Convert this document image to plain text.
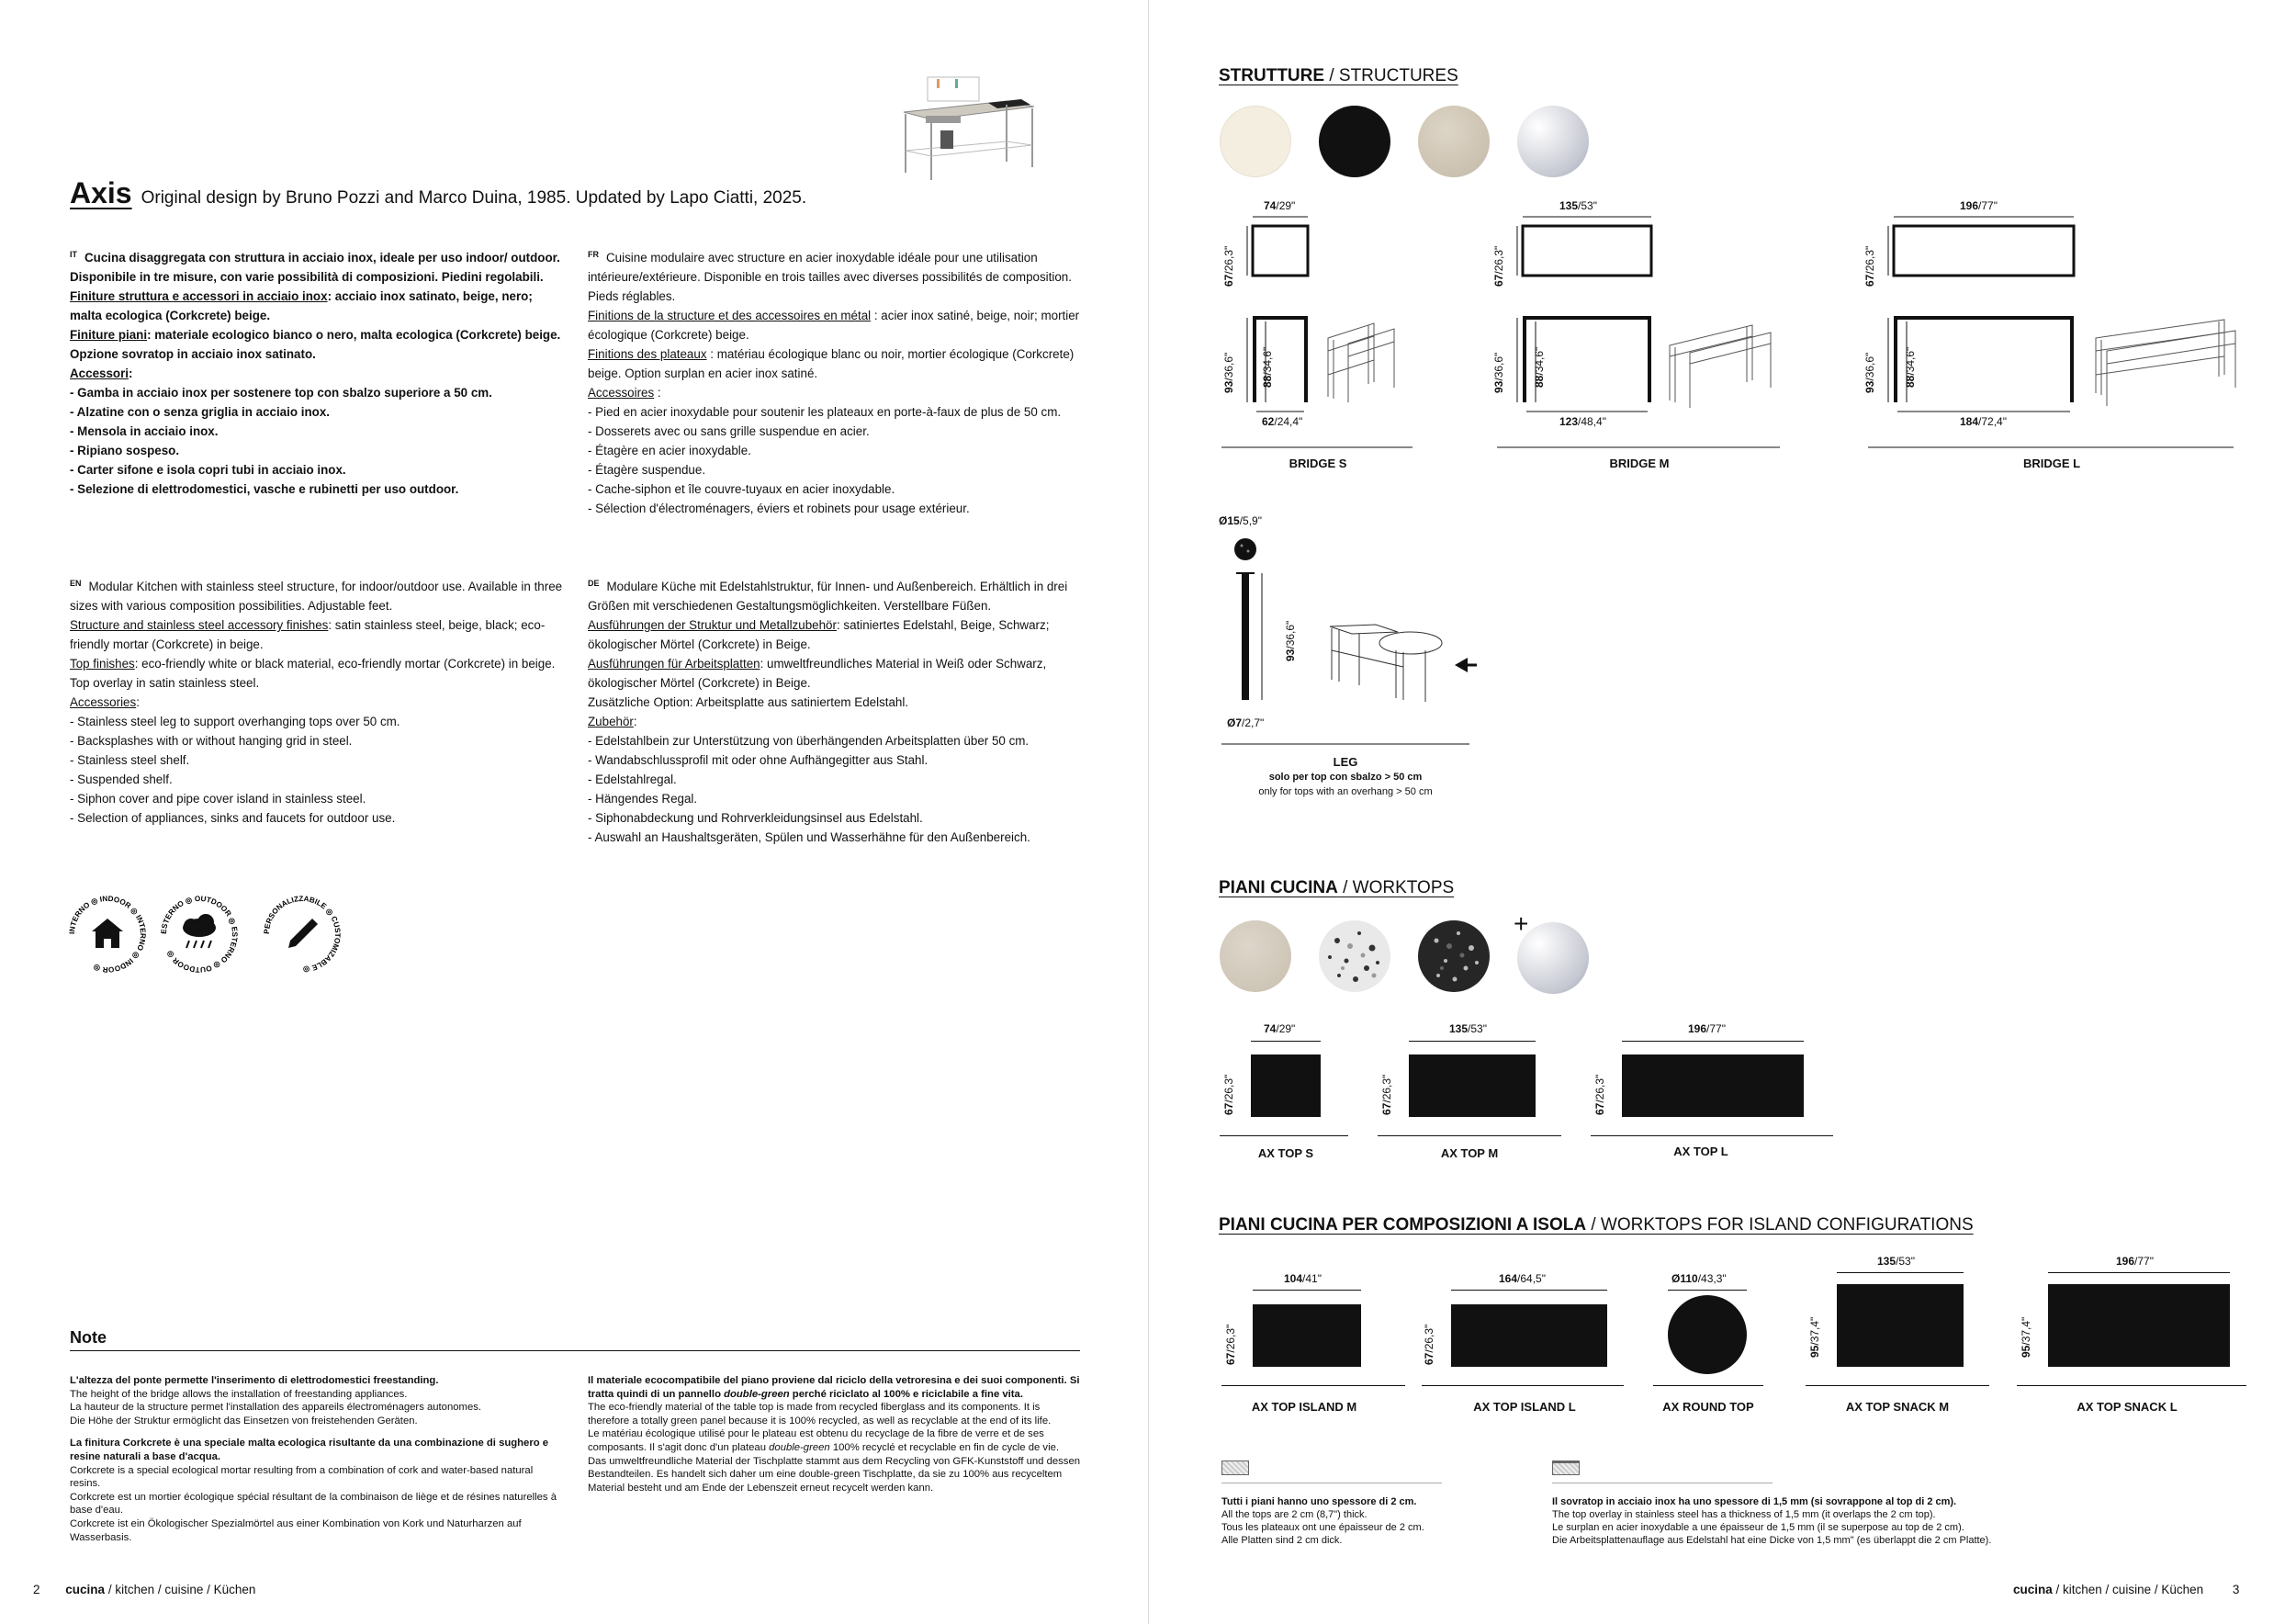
Axis Original design by Bruno Pozzi and Marco Duina, 1985. Updated by Lapo Ciatti, 2025.
$^{IT}$ Cucina disaggregata con struttura in acciaio inox, ideale per uso indoor/ outdoor. Disponibile in tre misure, con varie possibilità di composizioni. Piedini regolabili.
Finiture struttura e accessori in acciaio inox: acciaio inox satinato, beige, nero; malta ecologica (Corkcrete) beige.
Finiture piani: materiale ecologico bianco o nero, malta ecologica (Corkcrete) beige. Opzione sovratop in acciaio inox satinato.
Accessori:
- Gamba in acciaio inox per sostenere top con sbalzo superiore a 50 cm.
- Alzatine con o senza griglia in acciaio inox.
- Mensola in acciaio inox.
- Ripiano sospeso.
- Carter sifone e isola copri tubi in acciaio inox.
- Selezione di elettrodomestici, vasche e rubinetti per uso outdoor.
$^{FR}$ Cuisine modulaire avec structure en acier inoxydable idéale pour une utilisation intérieure/extérieure. Disponible en trois tailles avec diverses possibilités de composition. Pieds réglables.
Finitions de la structure et des accessoires en métal : acier inox satiné, beige, noir; mortier écologique (Corkcrete) beige.
Finitions des plateaux : matériau écologique blanc ou noir, mortier écologique (Corkcrete) beige. Option surplan en acier inox satiné.
Accessoires :
- Pied en acier inoxydable pour soutenir les plateaux en porte-à-faux de plus de 50 cm.
- Dosserets avec ou sans grille suspendue en acier.
- Étagère en acier inoxydable.
- Étagère suspendue.
- Cache-siphon et île couvre-tuyaux en acier inoxydable.
- Sélection d'électroménagers, éviers et robinets pour usage extérieur.
$^{EN}$ Modular Kitchen with stainless steel structure, for indoor/outdoor use. Available in three sizes with various composition possibilities. Adjustable feet.
Structure and stainless steel accessory finishes: satin stainless steel, beige, black; eco-friendly mortar (Corkcrete) in beige.
Top finishes: eco-friendly white or black material, eco-friendly mortar (Corkcrete) in beige. Top overlay in satin stainless steel.
Accessories:
- Stainless steel leg to support overhanging tops over 50 cm.
- Backsplashes with or without hanging grid in steel.
- Stainless steel shelf.
- Suspended shelf.
- Siphon cover and pipe cover island in stainless steel.
- Selection of appliances, sinks and faucets for outdoor use.
$^{DE}$ Modulare Küche mit Edelstahlstruktur, für Innen- und Außenbereich. Erhältlich in drei Größen mit verschiedenen Gestaltungsmöglichkeiten. Verstellbare Füßen.
Ausführungen der Struktur und Metallzubehör: satiniertes Edelstahl, Beige, Schwarz; ökologischer Mörtel (Corkcrete) in Beige.
Ausführungen für Arbeitsplatten: umweltfreundliches Material in Weiß oder Schwarz, ökologischer Mörtel (Corkcrete) in Beige.
Zusätzliche Option: Arbeitsplatte aus satiniertem Edelstahl.
Zubehör:
- Edelstahlbein zur Unterstützung von überhängenden Arbeitsplatten über 50 cm.
- Wandabschlussprofil mit oder ohne Aufhängegitter aus Stahl.
- Edelstahlregal.
- Hängendes Regal.
- Siphonabdeckung und Rohrverkleidungsinsel aus Edelstahl.
- Auswahl an Haushaltsgeräten, Spülen und Wasserhähne für den Außenbereich.
INTERNO ◎ INDOOR ◎ INTERNO ◎ INDOOR ◎
ESTERNO ◎ OUTDOOR ◎ ESTERNO ◎ OUTDOOR ◎
PERSONALIZZABILE ◎ CUSTOMIZABLE ◎
Note
L'altezza del ponte permette l'inserimento di elettrodomestici freestanding.
The height of the bridge allows the installation of freestanding appliances.
La hauteur de la structure permet l'installation des appareils électroménagers autonomes.
Die Höhe der Struktur ermöglicht das Einsetzen von freistehenden Geräten.
La finitura Corkcrete è una speciale malta ecologica risultante da una combinazione di sughero e resine naturali a base d'acqua.
Corkcrete is a special ecological mortar resulting from a combination of cork and water-based natural resins.
Corkcrete est un mortier écologique spécial résultant de la combinaison de liège et de résines naturelles à base d'eau.
Corkcrete ist ein Ökologischer Spezialmörtel aus einer Kombination von Kork und Naturharzen auf Wasserbasis.
Il materiale ecocompatibile del piano proviene dal riciclo della vetroresina e dei suoi componenti. Si tratta quindi di un pannello double-green perché riciclato al 100% e riciclabile a fine vita.
The eco-friendly material of the table top is made from recycled fiberglass and its components. It is therefore a totally green panel because it is 100% recycled, as well as recyclable at the end of its life.
Le matériau écologique utilisé pour le plateau est obtenu du recyclage de la fibre de verre et de ses composants. Il s'agit donc d'un plateau double-green 100% recyclé et recyclable en fin de cycle de vie.
Das umweltfreundliche Material der Tischplatte stammt aus dem Recycling von GFK-Kunststoff und dessen Bestandteilen. Es handelt sich daher um eine double-green Tischplatte, da sie zu 100% aus recyceltem Material besteht und am Ende der Lebenszeit erneut recycelt werden kann.
2 cucina / kitchen / cuisine / Küchen
STRUTTURE / STRUCTURES
74/29"
67/26,3"
93/36,6"
88/34,6"
62/24,4"
BRIDGE S
135/53"
67/26,3"
93/36,6"
88/34,6"
123/48,4"
BRIDGE M
196/77"
67/26,3"
93/36,6"
88/34,6"
184/72,4"
BRIDGE L
Ø15/5,9"
93/36,6"
Ø7/2,7"
LEG
solo per top con sbalzo > 50 cm
only for tops with an overhang > 50 cm
PIANI CUCINA / WORKTOPS
+
74/29"
67/26,3"
AX TOP S
135/53"
67/26,3"
AX TOP M
196/77"
67/26,3"
AX TOP L
PIANI CUCINA PER COMPOSIZIONI A ISOLA / WORKTOPS FOR ISLAND CONFIGURATIONS
104/41"
67/26,3"
AX TOP ISLAND M
164/64,5"
67/26,3"
AX TOP ISLAND L
Ø110/43,3"
AX ROUND TOP
135/53"
95/37,4"
AX TOP SNACK M
196/77"
95/37,4"
AX TOP SNACK L
Tutti i piani hanno uno spessore di 2 cm.
All the tops are 2 cm (8,7") thick.
Tous les plateaux ont une épaisseur de 2 cm.
Alle Platten sind 2 cm dick.
Il sovratop in acciaio inox ha uno spessore di 1,5 mm (si sovrappone al top di 2 cm).
The top overlay in stainless steel has a thickness of 1,5 mm (it overlaps the 2 cm top).
Le surplan en acier inoxydable a une épaisseur de 1,5 mm (il se superpose au top de 2 cm).
Die Arbeitsplattenauflage aus Edelstahl hat eine Dicke von 1,5 mm" (es überlappt die 2 cm Platte).
cucina / kitchen / cuisine / Küchen 3
